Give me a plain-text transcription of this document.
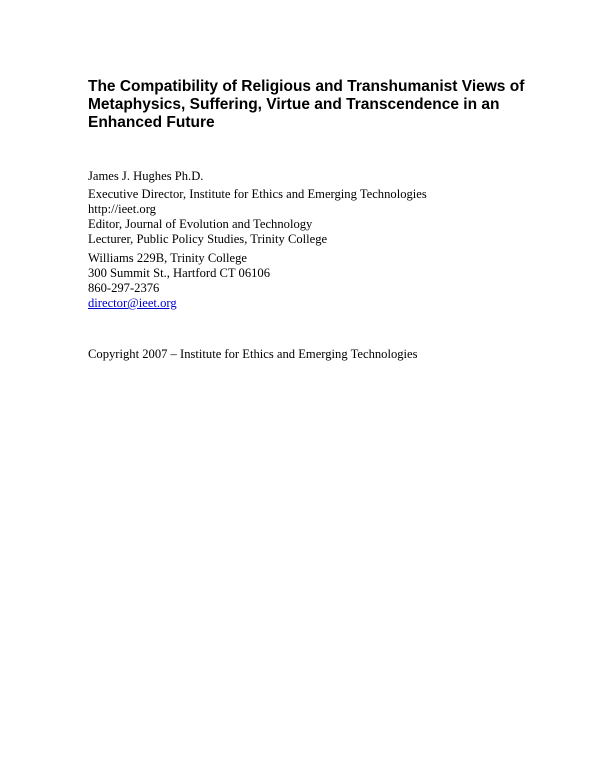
The Compatibility of Religious and Transhumanist Views of
Metaphysics, Suffering, Virtue and Transcendence in an
Enhanced Future
James J. Hughes Ph.D.
Executive Director, Institute for Ethics and Emerging Technologies
http://ieet.org
Editor, Journal of Evolution and Technology
Lecturer, Public Policy Studies, Trinity College
Williams 229B, Trinity College
300 Summit St., Hartford CT 06106
860-297-2376
director@ieet.org
Copyright 2007 – Institute for Ethics and Emerging Technologies
